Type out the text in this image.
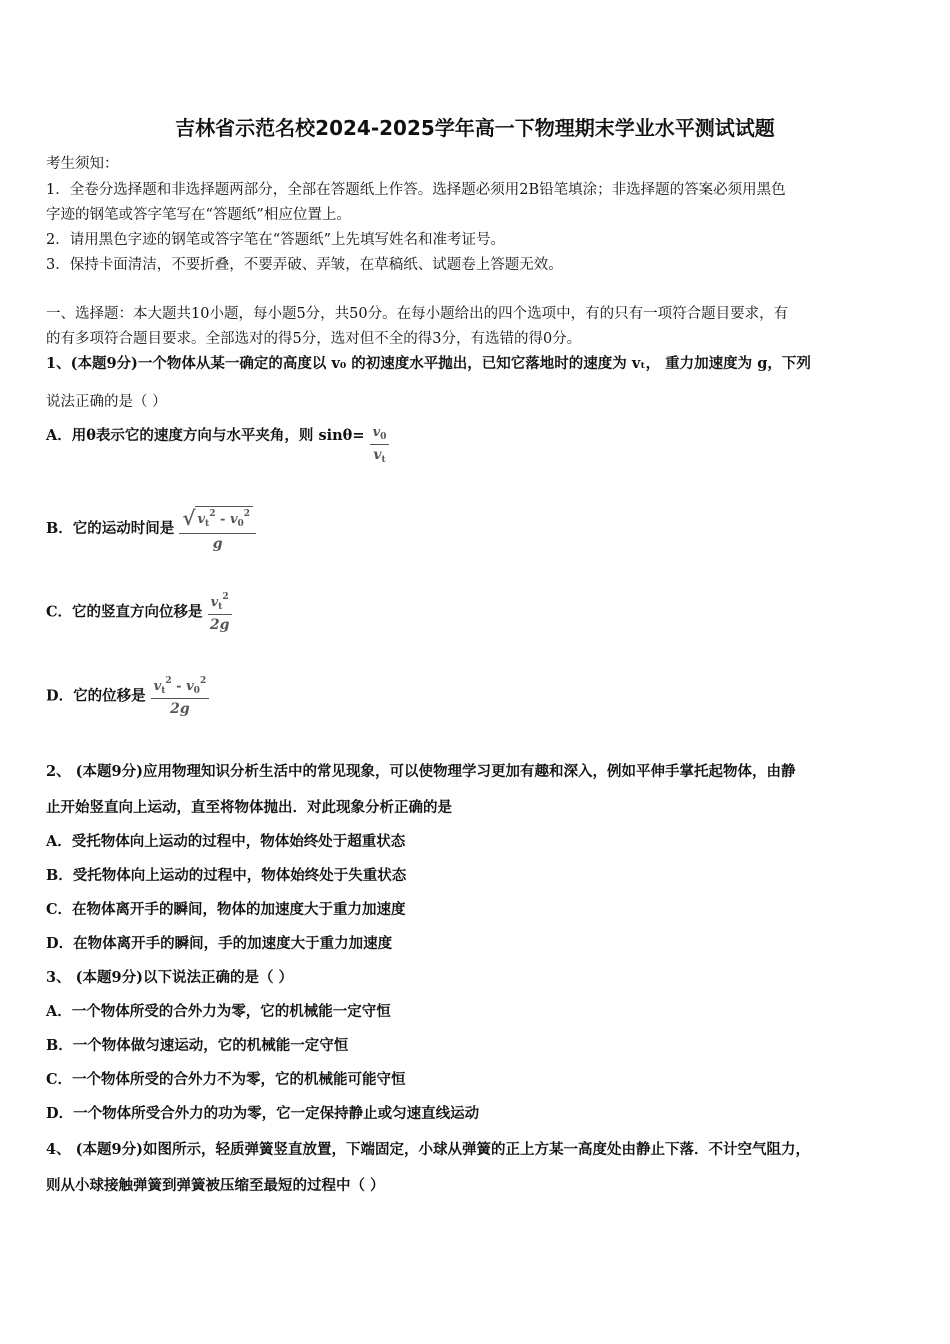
吉林省示范名校2024-2025学年高一下物理期末学业水平测试试题
考生须知：
1．全卷分选择题和非选择题两部分，全部在答题纸上作答。选择题必须用2B铅笔填涂；非选择题的答案必须用黑色
字迹的钢笔或答字笔写在“答题纸”相应位置上。
2．请用黑色字迹的钢笔或答字笔在“答题纸”上先填写姓名和准考证号。
3．保持卡面清洁，不要折叠，不要弄破、弄皱，在草稿纸、试题卷上答题无效。
一、选择题：本大题共10小题，每小题5分，共50分。在每小题给出的四个选项中，有的只有一项符合题目要求，有
的有多项符合题目要求。全部选对的得5分，选对但不全的得3分，有选错的得0分。
1、(本题9分)一个物体从某一确定的高度以 v₀ 的初速度水平抛出，已知它落地时的速度为 vₜ， 重力加速度为 g，下列
说法正确的是（ ）
A．用θ表示它的速度方向与水平夹角，则 $\sin\theta= \frac{v_0}{v_t}$
B．它的运动时间是 $\frac{√ v_t^2 - v_0^2}{g}$
C．它的竖直方向位移是 $\frac{v_t^2}{2g}$
D．它的位移是 $\frac{v_t^2 - v_0^2}{2g}$
2、 (本题9分)应用物理知识分析生活中的常见现象，可以使物理学习更加有趣和深入，例如平伸手掌托起物体，由静
止开始竖直向上运动，直至将物体抛出．对此现象分析正确的是
A．受托物体向上运动的过程中，物体始终处于超重状态
B．受托物体向上运动的过程中，物体始终处于失重状态
C．在物体离开手的瞬间，物体的加速度大于重力加速度
D．在物体离开手的瞬间，手的加速度大于重力加速度
3、 (本题9分)以下说法正确的是（ ）
A．一个物体所受的合外力为零，它的机械能一定守恒
B．一个物体做匀速运动，它的机械能一定守恒
C．一个物体所受的合外力不为零，它的机械能可能守恒
D．一个物体所受合外力的功为零，它一定保持静止或匀速直线运动
4、 (本题9分)如图所示，轻质弹簧竖直放置，下端固定，小球从弹簧的正上方某一高度处由静止下落．不计空气阻力，
则从小球接触弹簧到弹簧被压缩至最短的过程中（ ）
